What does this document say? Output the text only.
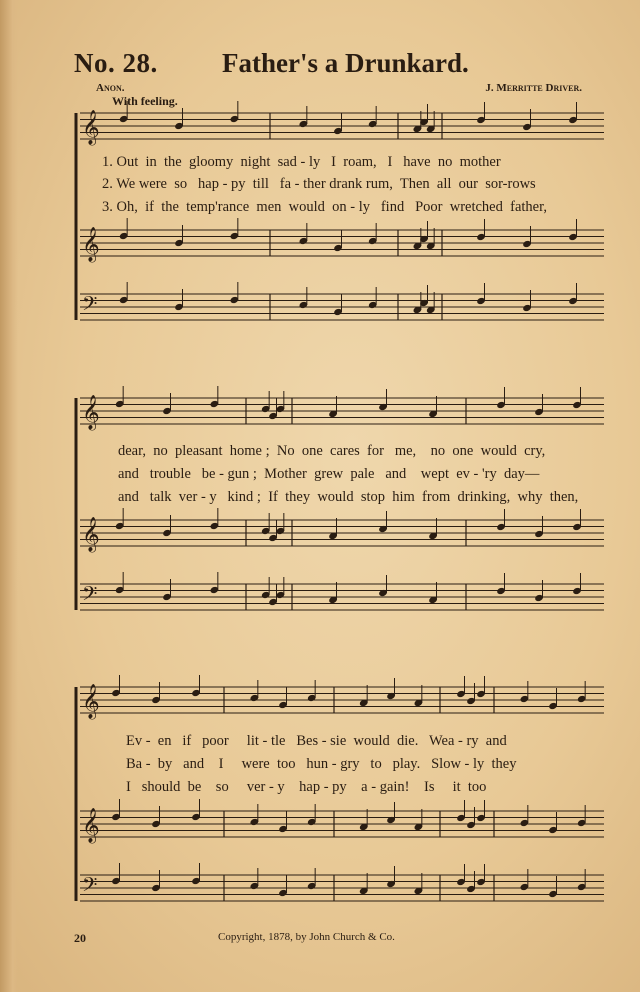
𝄞
𝄞
𝄢
𝄞
𝄞
𝄢
𝄞
𝄞
𝄢
No. 28. Father's a Drunkard.
Anon.	J. Merritte Driver.
With feeling.
1. Out  in  the  gloomy  night  sad - ly   I  roam,   I   have  no  mother
2. We were  so   hap - py  till   fa - ther drank rum,  Then  all  our  sor-rows
3. Oh,  if  the  temp'rance  men  would  on - ly   find   Poor  wretched  father,
dear,  no  pleasant  home ;  No  one  cares  for   me,    no  one  would  cry,
and   trouble   be - gun ;  Mother  grew  pale   and    wept  ev - 'ry  day—
and   talk  ver - y   kind ;  If  they  would  stop  him  from  drinking,  why  then,
Ev -  en   if   poor     lit - tle   Bes - sie  would  die.   Wea - ry  and
Ba -  by   and    I     were  too   hun - gry   to   play.   Slow - ly  they
I   should  be    so     ver - y    hap - py    a - gain!    Is     it  too
20	Copyright, 1878, by John Church & Co.
